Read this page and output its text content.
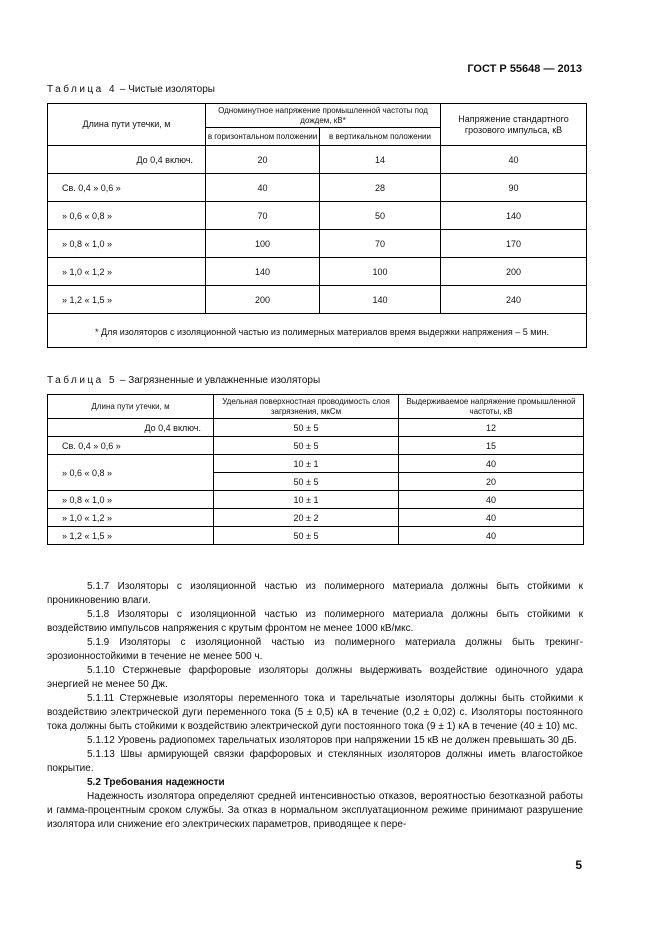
ГОСТ Р 55648 — 2013
Таблица 4 – Чистые изоляторы
Длина пути утечки, м	Одноминутное напряжение промышленной частоты под дождем, кВ*		Напряжение стандартного грозового импульса, кВ
	в горизонтальном положении	в вертикальном положении	
До 0,4 включ.	20	14	40
Св. 0,4 » 0,6 »	40	28	90
» 0,6 « 0,8 »	70	50	140
» 0,8 « 1,0 »	100	70	170
» 1,0 « 1,2 »	140	100	200
» 1,2 « 1,5 »	200	140	240
* Для изоляторов с изоляционной частью из полимерных материалов время выдержки напряжения – 5 мин.			
Таблица 5 – Загрязненные и увлажненные изоляторы
Длина пути утечки, м	Удельная поверхностная проводимость слоя загрязнения, мкСм	Выдерживаемое напряжение промышленной частоты, кВ
До 0,4 включ.	50 ± 5	12
Св. 0,4 » 0,6 »	50 ± 5	15
» 0,6 « 0,8 »	10 ± 1	40
	50 ± 5	20
» 0,8 « 1,0 »	10 ± 1	40
» 1,0 « 1,2 »	20 ± 2	40
» 1,2 « 1,5 »	50 ± 5	40

5.1.7 Изоляторы с изоляционной частью из полимерного материала должны быть стойкими к проникновению влаги.

5.1.8 Изоляторы с изоляционной частью из полимерного материала должны быть стойкими к воздействию импульсов напряжения с крутым фронтом не менее 1000 кВ/мкс.

5.1.9 Изоляторы с изоляционной частью из полимерного материала должны быть трекинг-эрозионностойкими в течение не менее 500 ч.

5.1.10 Стержневые фарфоровые изоляторы должны выдерживать воздействие одиночного удара энергией не менее 50 Дж.

5.1.11 Стержневые изоляторы переменного тока и тарельчатые изоляторы должны быть стойкими к воздействию электрической дуги переменного тока (5 ± 0,5) кА в течение (0,2 ± 0,02) с. Изоляторы постоянного тока должны быть стойкими к воздействию электрической дуги постоянного тока (9 ± 1) кА в течение (40 ± 10) мс.

5.1.12 Уровень радиопомех тарельчатых изоляторов при напряжении 15 кВ не должен превышать 30 дБ.

5.1.13 Швы армирующей связки фарфоровых и стеклянных изоляторов должны иметь влагостойкое покрытие.

5.2 Требования надежности

Надежность изолятора определяют средней интенсивностью отказов, вероятностью безотказной работы и гамма-процентным сроком службы. За отказ в нормальном эксплуатационном режиме принимают разрушение изолятора или снижение его электрических параметров, приводящее к пере-

5
